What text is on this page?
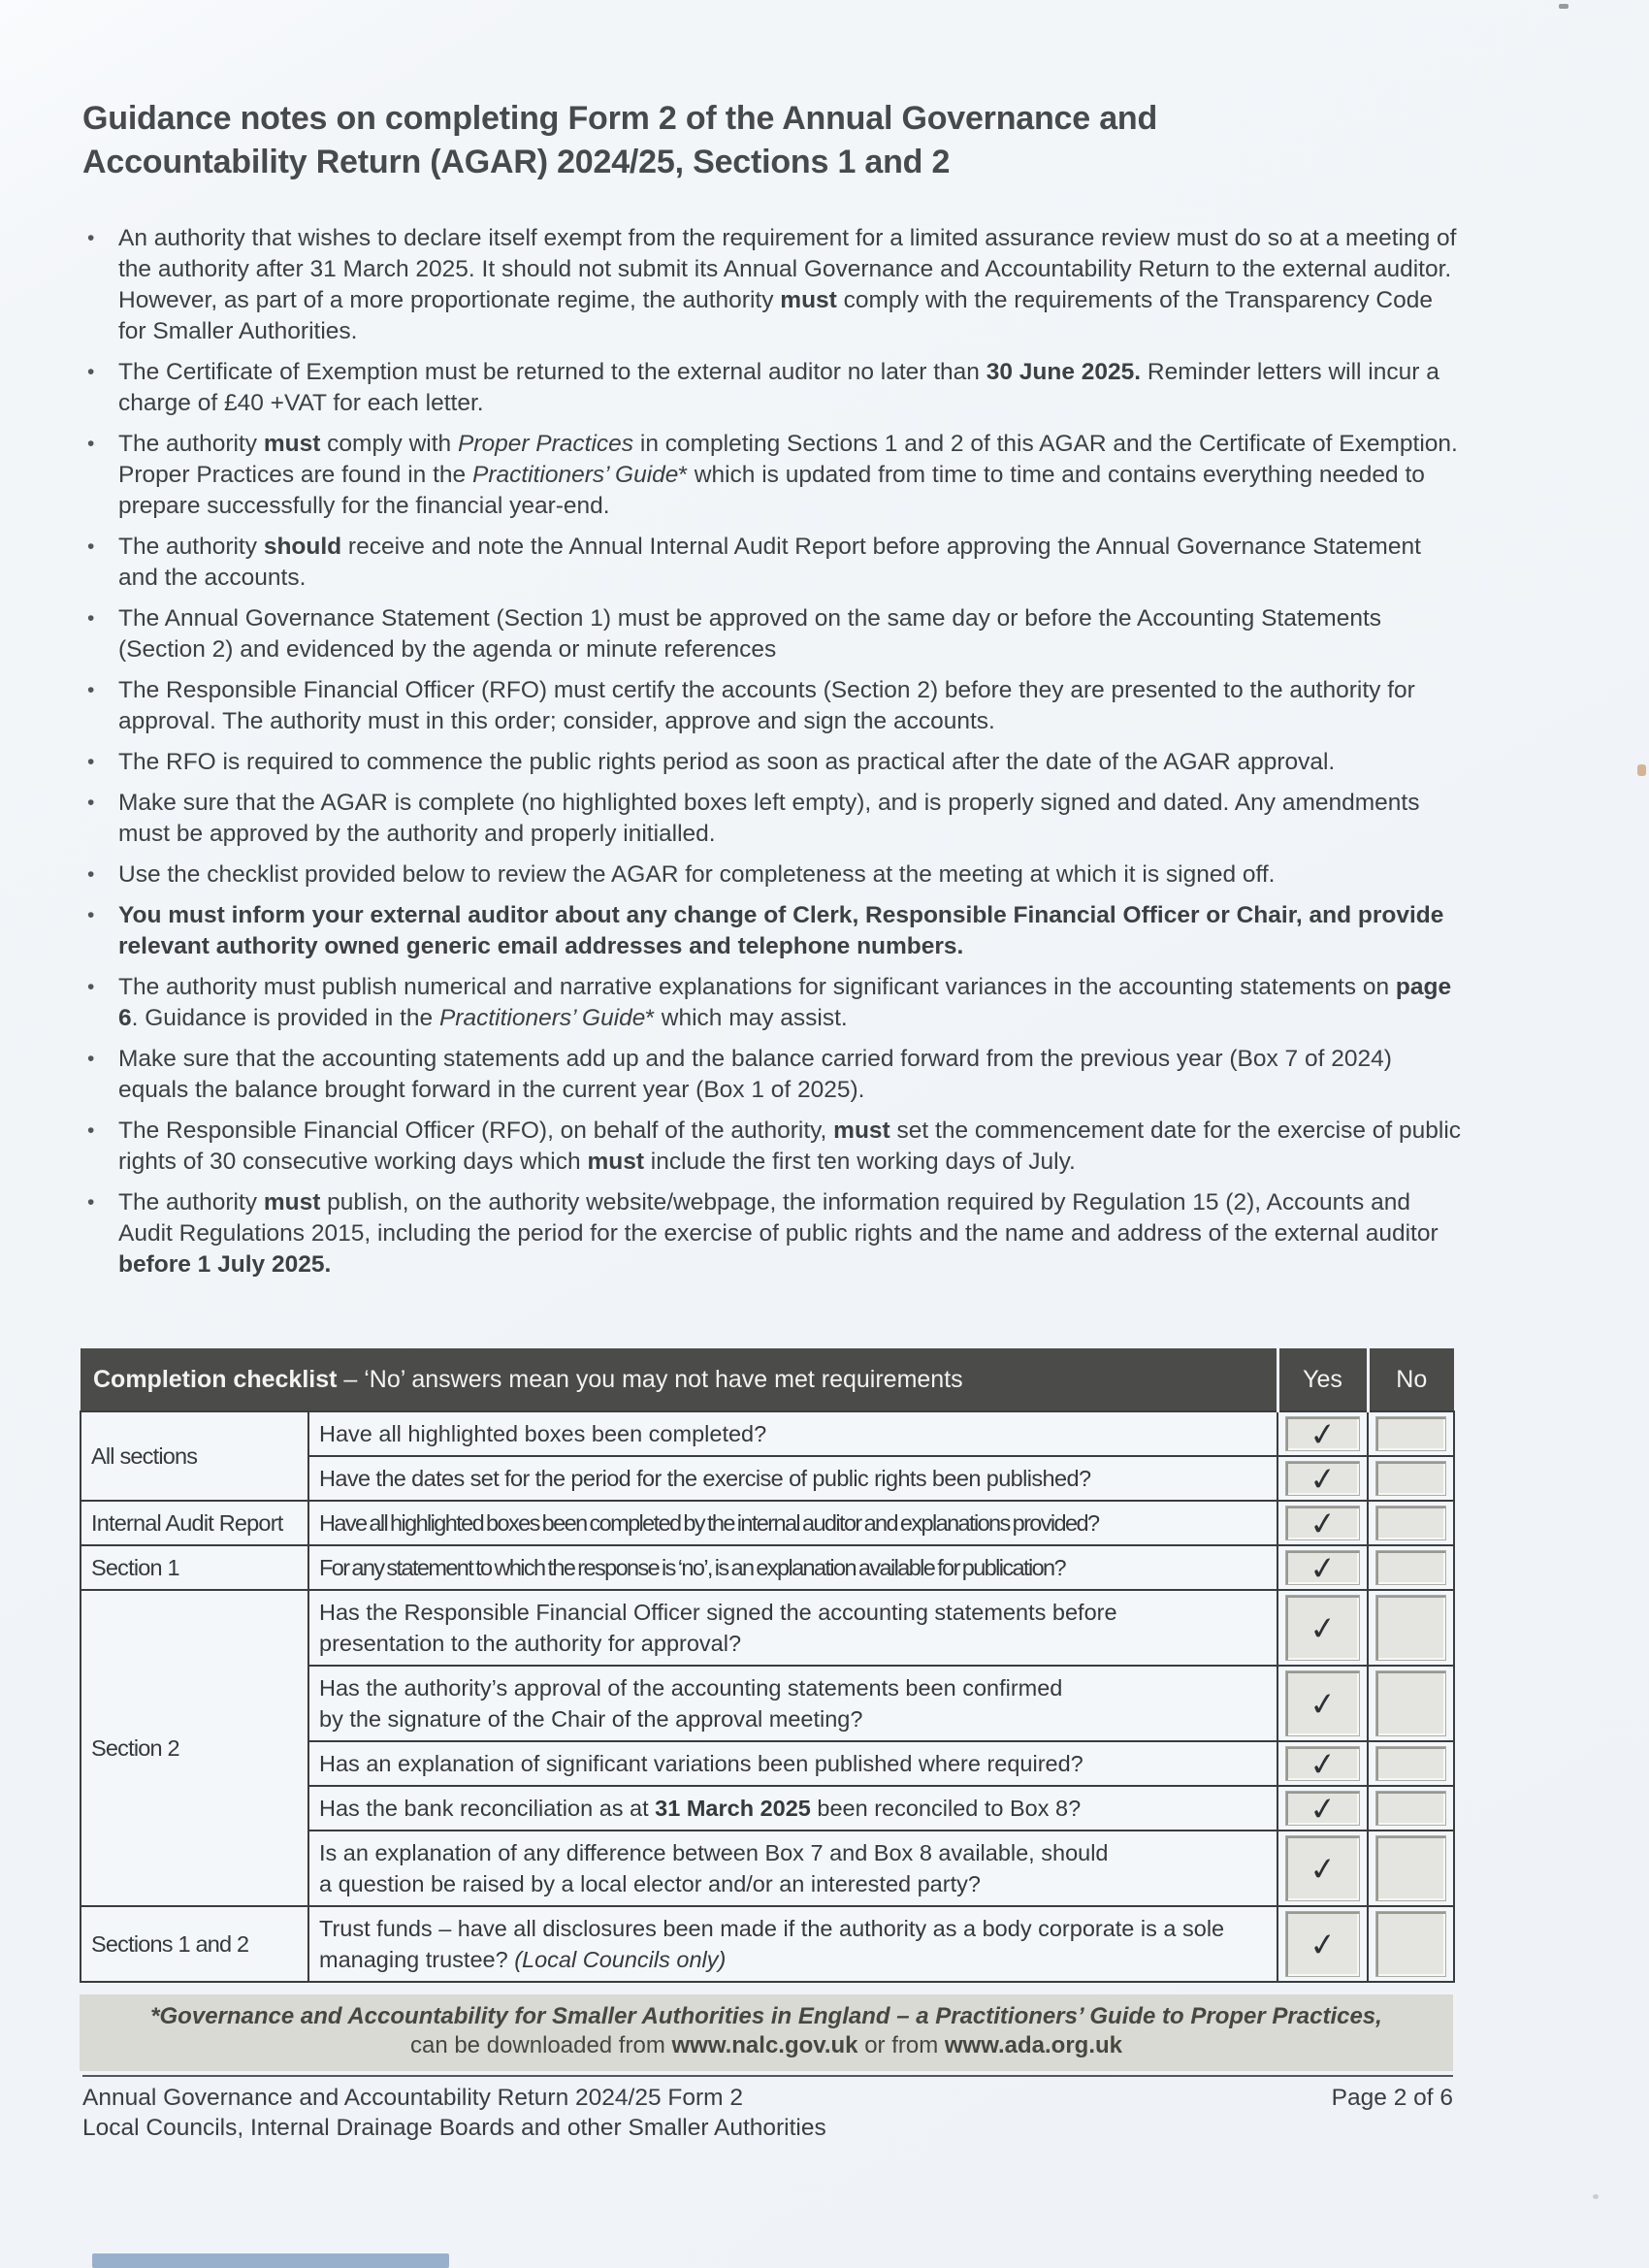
Guidance notes on completing Form 2 of the Annual Governance and
Accountability Return (AGAR) 2024/25, Sections 1 and 2
•	An authority that wishes to declare itself exempt from the requirement for a limited assurance review must do so at a meeting of the authority after 31 March 2025. It should not submit its Annual Governance and Accountability Return to the external auditor. However, as part of a more proportionate regime, the authority must comply with the requirements of the Transparency Code for Smaller Authorities.
•	The Certificate of Exemption must be returned to the external auditor no later than 30 June 2025. Reminder letters will incur a charge of £40 +VAT for each letter.
•	The authority must comply with Proper Practices in completing Sections 1 and 2 of this AGAR and the Certificate of Exemption. Proper Practices are found in the Practitioners’ Guide* which is updated from time to time and contains everything needed to prepare successfully for the financial year-end.
•	The authority should receive and note the Annual Internal Audit Report before approving the Annual Governance Statement and the accounts.
•	The Annual Governance Statement (Section 1) must be approved on the same day or before the Accounting Statements (Section 2) and evidenced by the agenda or minute references
•	The Responsible Financial Officer (RFO) must certify the accounts (Section 2) before they are presented to the authority for approval. The authority must in this order; consider, approve and sign the accounts.
•	The RFO is required to commence the public rights period as soon as practical after the date of the AGAR approval.
•	Make sure that the AGAR is complete (no highlighted boxes left empty), and is properly signed and dated. Any amendments must be approved by the authority and properly initialled.
•	Use the checklist provided below to review the AGAR for completeness at the meeting at which it is signed off.
•	You must inform your external auditor about any change of Clerk, Responsible Financial Officer or Chair, and provide relevant authority owned generic email addresses and telephone numbers.
•	The authority must publish numerical and narrative explanations for significant variances in the accounting statements on page 6. Guidance is provided in the Practitioners’ Guide* which may assist.
•	Make sure that the accounting statements add up and the balance carried forward from the previous year (Box 7 of 2024) equals the balance brought forward in the current year (Box 1 of 2025).
•	The Responsible Financial Officer (RFO), on behalf of the authority, must set the commencement date for the exercise of public rights of 30 consecutive working days which must include the first ten working days of July.
•	The authority must publish, on the authority website/webpage, the information required by Regulation 15 (2), Accounts and Audit Regulations 2015, including the period for the exercise of public rights and the name and address of the external auditor before 1 July 2025.
Completion checklist – ‘No’ answers mean you may not have met requirements		Yes	No
All sections	Have all highlighted boxes been completed?	✓	

	Have the dates set for the period for the exercise of public rights been published?	✓	

Internal Audit Report	Have all highlighted boxes been completed by the internal auditor and explanations provided?	✓	

Section 1	For any statement to which the response is ‘no’, is an explanation available for publication?	✓	

Section 2	Has the Responsible Financial Officer signed the accounting statements before
presentation to the authority for approval?	✓	

	Has the authority’s approval of the accounting statements been confirmed
by the signature of the Chair of the approval meeting?	✓	

	Has an explanation of significant variations been published where required?	✓	

	Has the bank reconciliation as at 31 March 2025 been reconciled to Box 8?	✓	

	Is an explanation of any difference between Box 7 and Box 8 available, should
a question be raised by a local elector and/or an interested party?	✓	

Sections 1 and 2	Trust funds – have all disclosures been made if the authority as a body corporate is a sole managing trustee? (Local Councils only)	✓	

*Governance and Accountability for Smaller Authorities in England – a Practitioners’ Guide to Proper Practices,
can be downloaded from www.nalc.gov.uk or from www.ada.org.uk
Annual Governance and Accountability Return 2024/25 Form 2
Local Councils, Internal Drainage Boards and other Smaller Authorities
Page 2 of 6
